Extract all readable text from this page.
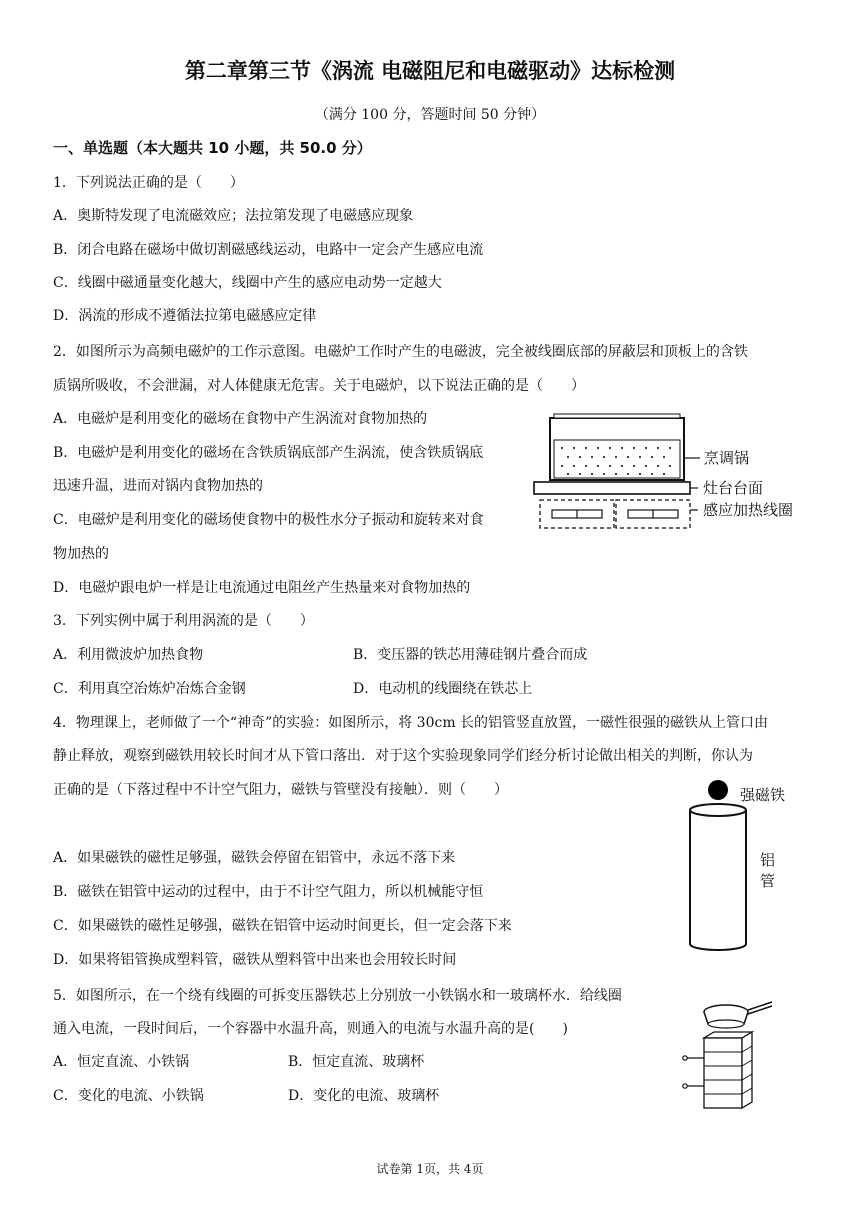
第二章第三节《涡流 电磁阻尼和电磁驱动》达标检测
（满分 100 分，答题时间 50 分钟）
一、单选题（本大题共 10 小题，共 50.0 分）
1．下列说法正确的是（　　）
A．奥斯特发现了电流磁效应；法拉第发现了电磁感应现象
B．闭合电路在磁场中做切割磁感线运动，电路中一定会产生感应电流
C．线圈中磁通量变化越大，线圈中产生的感应电动势一定越大
D．涡流的形成不遵循法拉第电磁感应定律
2．如图所示为高频电磁炉的工作示意图。电磁炉工作时产生的电磁波，完全被线圈底部的屏蔽层和顶板上的含铁
质锅所吸收，不会泄漏，对人体健康无危害。关于电磁炉，以下说法正确的是（　　）
A．电磁炉是利用变化的磁场在食物中产生涡流对食物加热的
B．电磁炉是利用变化的磁场在含铁质锅底部产生涡流，使含铁质锅底
迅速升温，进而对锅内食物加热的
C．电磁炉是利用变化的磁场使食物中的极性水分子振动和旋转来对食
物加热的
D．电磁炉跟电炉一样是让电流通过电阻丝产生热量来对食物加热的
烹调锅
灶台台面
感应加热线圈
3．下列实例中属于利用涡流的是（　　）
A．利用微波炉加热食物	B．变压器的铁芯用薄硅钢片叠合而成
C．利用真空冶炼炉冶炼合金钢	D．电动机的线圈绕在铁芯上
4．物理课上，老师做了一个“神奇”的实验：如图所示，将 30cm 长的铝管竖直放置，一磁性很强的磁铁从上管口由
静止释放，观察到磁铁用较长时间才从下管口落出．对于这个实验现象同学们经分析讨论做出相关的判断，你认为
正确的是（下落过程中不计空气阻力，磁铁与管壁没有接触）．则（　　）
A．如果磁铁的磁性足够强，磁铁会停留在铝管中，永远不落下来
B．磁铁在铝管中运动的过程中，由于不计空气阻力，所以机械能守恒
C．如果磁铁的磁性足够强，磁铁在铝管中运动时间更长，但一定会落下来
D．如果将铝管换成塑料管，磁铁从塑料管中出来也会用较长时间
强磁铁
铝
管
5．如图所示，在一个绕有线圈的可拆变压器铁芯上分别放一小铁锅水和一玻璃杯水．给线圈
通入电流，一段时间后，一个容器中水温升高，则通入的电流与水温升高的是(　　)
A．恒定直流、小铁锅	B．恒定直流、玻璃杯
C．变化的电流、小铁锅	D．变化的电流、玻璃杯
试卷第 1页，共 4页
